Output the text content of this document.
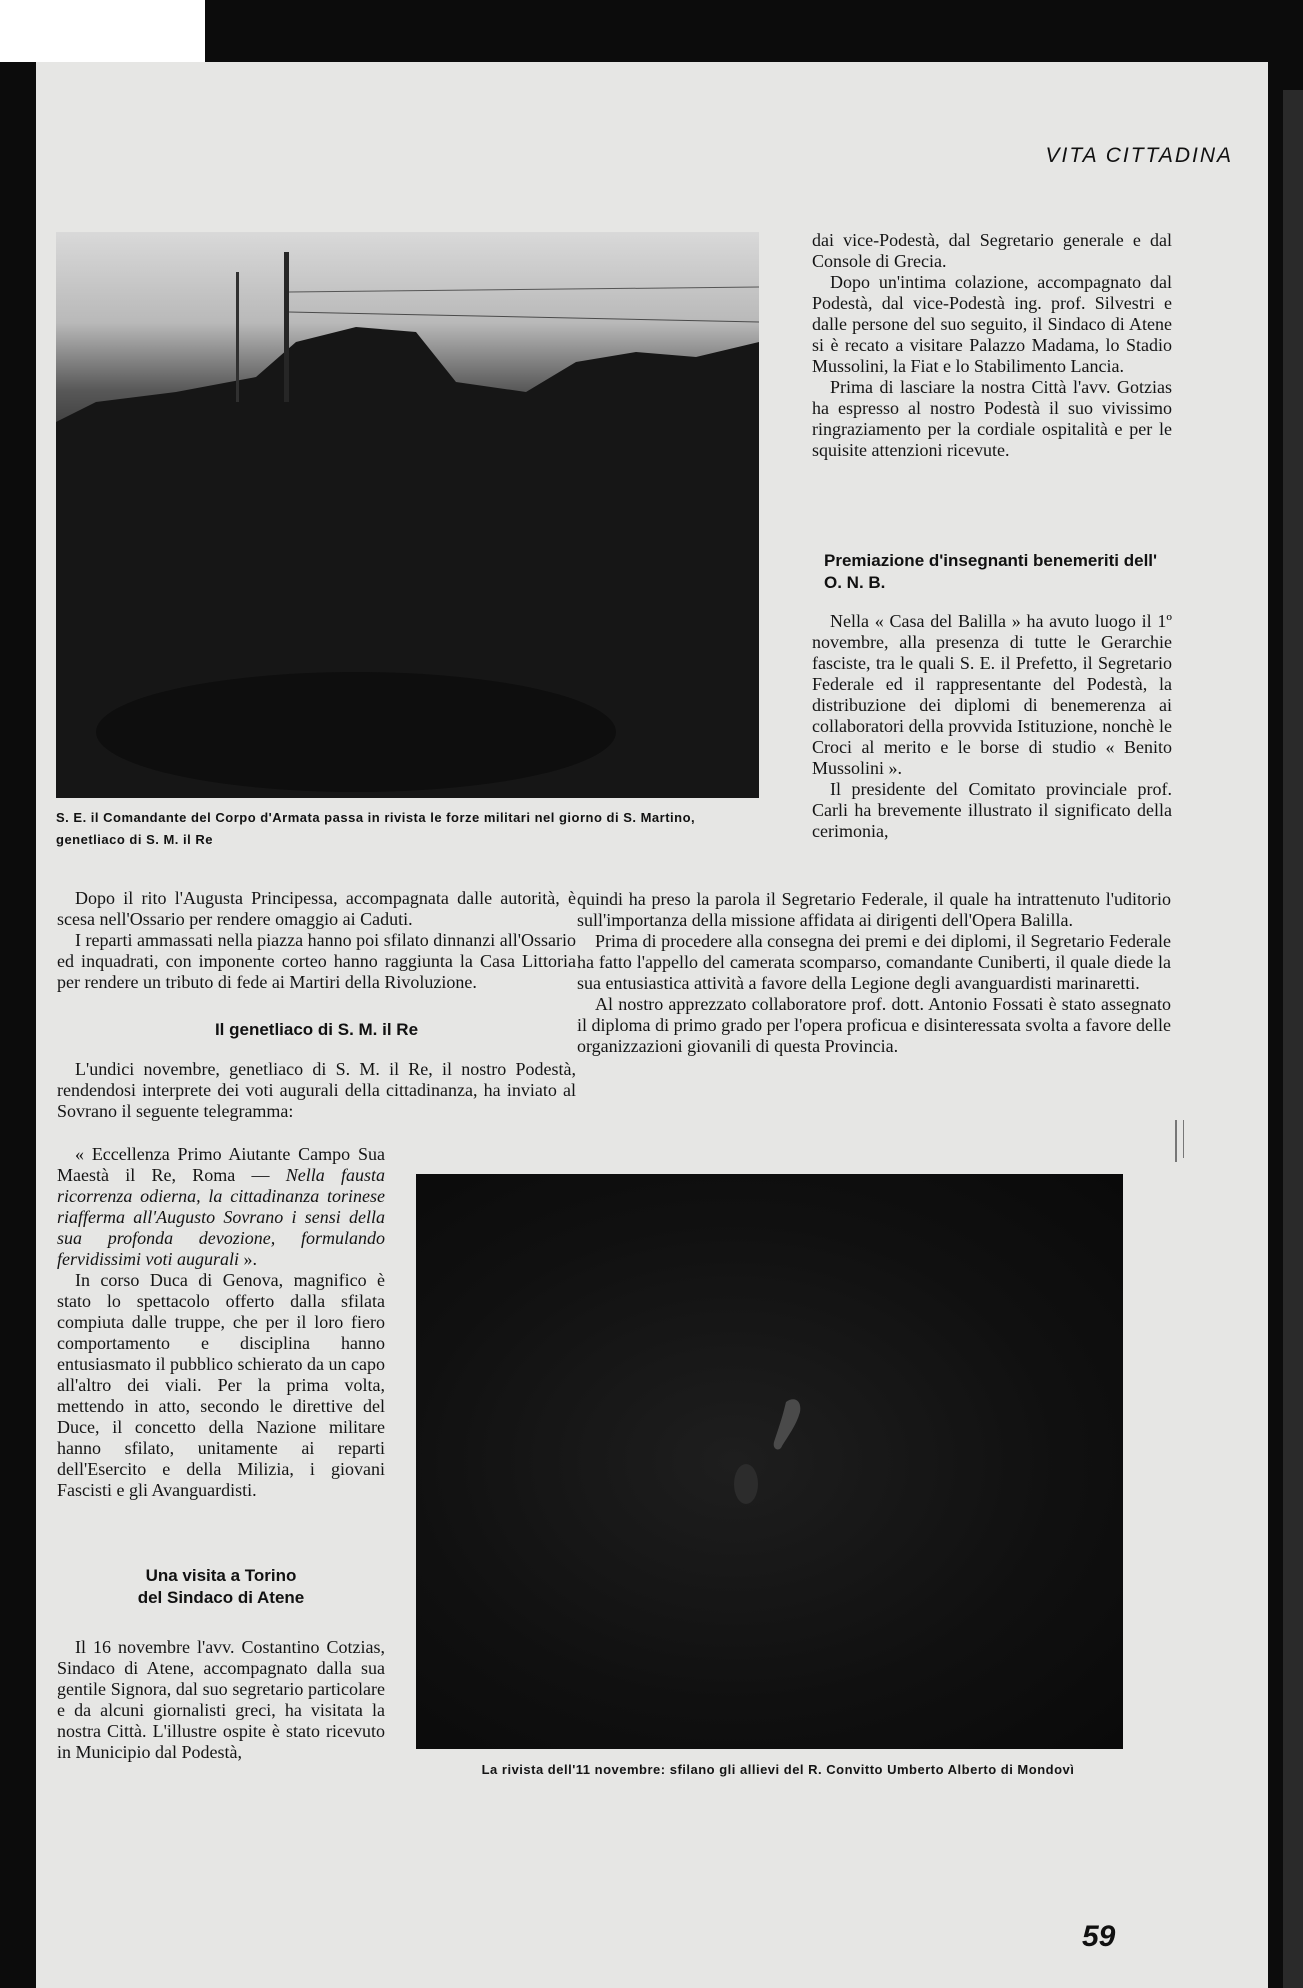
VITA CITTADINA
S. E. il Comandante del Corpo d'Armata passa in rivista le forze militari nel giorno di S. Martino, genetliaco di S. M. il Re

Dopo il rito l'Augusta Principessa, accompagnata dalle autorità, è scesa nell'Ossario per rendere omaggio ai Caduti.

I reparti ammassati nella piazza hanno poi sfilato dinnanzi all'Ossario ed inquadrati, con imponente corteo hanno raggiunta la Casa Littoria per rendere un tributo di fede ai Martiri della Rivoluzione.

Il genetliaco di S. M. il Re

L'undici novembre, genetliaco di S. M. il Re, il nostro Podestà, rendendosi interprete dei voti augurali della cittadinanza, ha inviato al Sovrano il seguente telegramma:

« Eccellenza Primo Aiutante Campo Sua Maestà il Re, Roma — Nella fausta ricorrenza odierna, la cittadinanza torinese riafferma all'Augusto Sovrano i sensi della sua profonda devozione, formulando fervidissimi voti augurali ».

In corso Duca di Genova, magnifico è stato lo spettacolo offerto dalla sfilata compiuta dalle truppe, che per il loro fiero comportamento e disciplina hanno entusiasmato il pubblico schierato da un capo all'altro dei viali. Per la prima volta, mettendo in atto, secondo le direttive del Duce, il concetto della Nazione militare hanno sfilato, unitamente ai reparti dell'Esercito e della Milizia, i giovani Fascisti e gli Avanguardisti.

Una visita a Torino
del Sindaco di Atene

Il 16 novembre l'avv. Costantino Cotzias, Sindaco di Atene, accompagnato dalla sua gentile Signora, dal suo segretario particolare e da alcuni giornalisti greci, ha visitata la nostra Città. L'illustre ospite è stato ricevuto in Municipio dal Podestà,

dai vice-Podestà, dal Segretario generale e dal Console di Grecia.

Dopo un'intima colazione, accompagnato dal Podestà, dal vice-Podestà ing. prof. Silvestri e dalle persone del suo seguito, il Sindaco di Atene si è recato a visitare Palazzo Madama, lo Stadio Mussolini, la Fiat e lo Stabilimento Lancia.

Prima di lasciare la nostra Città l'avv. Gotzias ha espresso al nostro Podestà il suo vivissimo ringraziamento per la cordiale ospitalità e per le squisite attenzioni ricevute.

Premiazione d'insegnanti benemeriti dell' O. N. B.

Nella « Casa del Balilla » ha avuto luogo il 1º novembre, alla presenza di tutte le Gerarchie fasciste, tra le quali S. E. il Prefetto, il Segretario Federale ed il rappresentante del Podestà, la distribuzione dei diplomi di benemerenza ai collaboratori della provvida Istituzione, nonchè le Croci al merito e le borse di studio « Benito Mussolini ».

Il presidente del Comitato provinciale prof. Carli ha brevemente illustrato il significato della cerimonia,

quindi ha preso la parola il Segretario Federale, il quale ha intrattenuto l'uditorio sull'importanza della missione affidata ai dirigenti dell'Opera Balilla.

Prima di procedere alla consegna dei premi e dei diplomi, il Segretario Federale ha fatto l'appello del camerata scomparso, comandante Cuniberti, il quale diede la sua entusiastica attività a favore della Legione degli avanguardisti marinaretti.

Al nostro apprezzato collaboratore prof. dott. Antonio Fossati è stato assegnato il diploma di primo grado per l'opera proficua e disinteressata svolta a favore delle organizzazioni giovanili di questa Provincia.

La rivista dell'11 novembre: sfilano gli allievi del R. Convitto Umberto Alberto di Mondovì
59
